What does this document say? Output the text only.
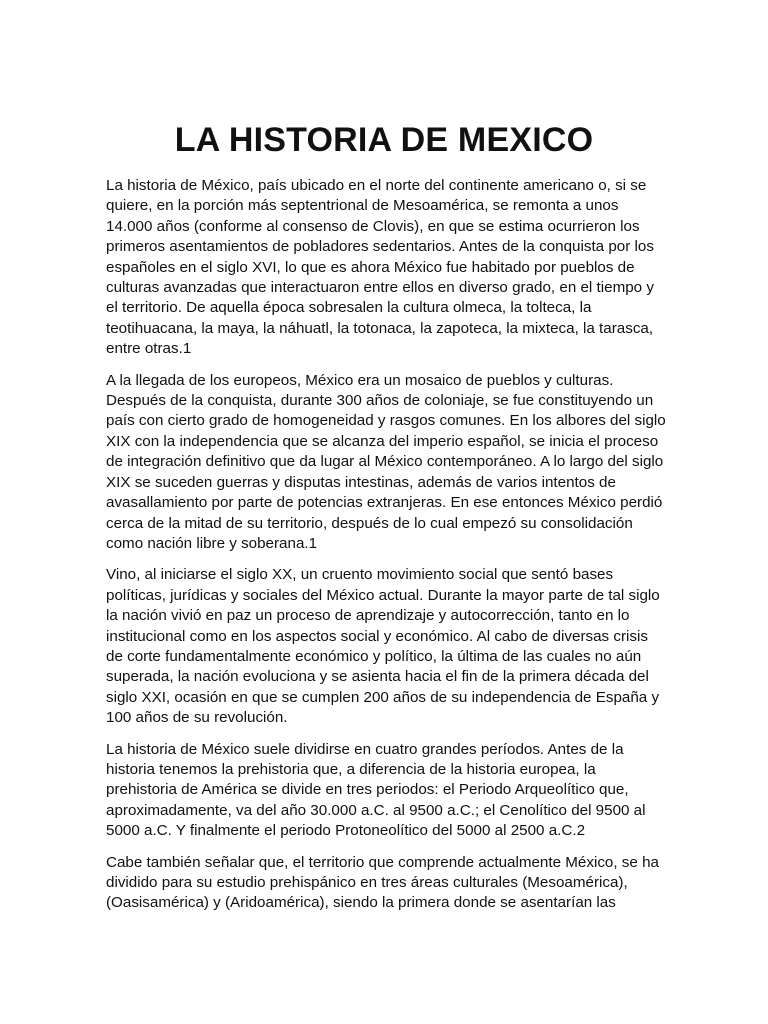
LA HISTORIA DE MEXICO

La historia de México, país ubicado en el norte del continente americano o, si se quiere, en la porción más septentrional de Mesoamérica, se remonta a unos 14.000 años (conforme al consenso de Clovis), en que se estima ocurrieron los primeros asentamientos de pobladores sedentarios. Antes de la conquista por los españoles en el siglo XVI, lo que es ahora México fue habitado por pueblos de culturas avanzadas que interactuaron entre ellos en diverso grado, en el tiempo y el territorio. De aquella época sobresalen la cultura olmeca, la tolteca, la teotihuacana, la maya, la náhuatl, la totonaca, la zapoteca, la mixteca, la tarasca, entre otras.1

A la llegada de los europeos, México era un mosaico de pueblos y culturas. Después de la conquista, durante 300 años de coloniaje, se fue constituyendo un país con cierto grado de homogeneidad y rasgos comunes. En los albores del siglo XIX con la independencia que se alcanza del imperio español, se inicia el proceso de integración definitivo que da lugar al México contemporáneo. A lo largo del siglo XIX se suceden guerras y disputas intestinas, además de varios intentos de avasallamiento por parte de potencias extranjeras. En ese entonces México perdió cerca de la mitad de su territorio, después de lo cual empezó su consolidación como nación libre y soberana.1

Vino, al iniciarse el siglo XX, un cruento movimiento social que sentó bases políticas, jurídicas y sociales del México actual. Durante la mayor parte de tal siglo la nación vivió en paz un proceso de aprendizaje y autocorrección, tanto en lo institucional como en los aspectos social y económico. Al cabo de diversas crisis de corte fundamentalmente económico y político, la última de las cuales no aún superada, la nación evoluciona y se asienta hacia el fin de la primera década del siglo XXI, ocasión en que se cumplen 200 años de su independencia de España y 100 años de su revolución.

La historia de México suele dividirse en cuatro grandes períodos. Antes de la historia tenemos la prehistoria que, a diferencia de la historia europea, la prehistoria de América se divide en tres periodos: el Periodo Arqueolítico que, aproximadamente, va del año 30.000 a.C. al 9500 a.C.; el Cenolítico del 9500 al 5000 a.C. Y finalmente el periodo Protoneolítico del 5000 al 2500 a.C.2

Cabe también señalar que, el territorio que comprende actualmente México, se ha dividido para su estudio prehispánico en tres áreas culturales (Mesoamérica), (Oasisamérica) y (Aridoamérica), siendo la primera donde se asentarían las
